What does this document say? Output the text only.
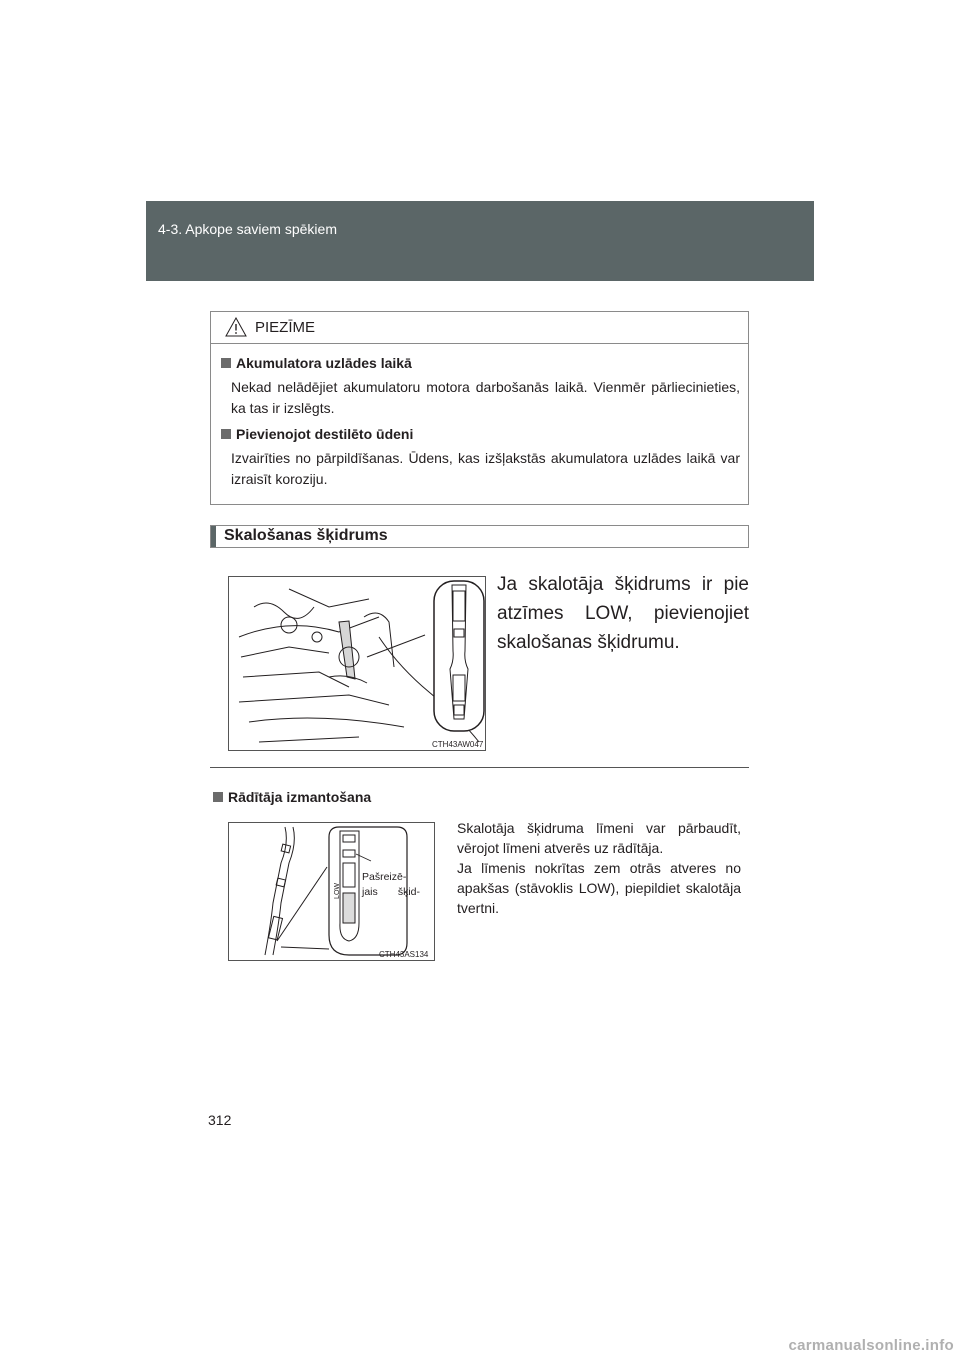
4-3. Apkope saviem spēkiem
PIEZĪME
Akumulatora uzlādes laikā
Nekad nelādējiet akumulatoru motora darbošanās laikā. Vienmēr pārliecinieties, ka tas ir izslēgts.
Pievienojot destilēto ūdeni
Izvairīties no pārpildīšanas. Ūdens, kas izšļakstās akumulatora uzlādes laikā var izraisīt koroziju.
Skalošanas šķidrums
CTH43AW047
Ja skalotāja šķidrums ir pie atzīmes LOW, pievienojiet skalošanas šķidrumu.
Rādītāja izmantošana
CTH43AS134
LOW
Pašreizē-
jais šķid-

Skalotāja šķidruma līmeni var pārbaudīt, vērojot līmeni atverēs uz rādītāja.

Ja līmenis nokrītas zem otrās atveres no apakšas (stāvoklis LOW), piepildiet skalotāja tvertni.

312
carmanualsonline.info
